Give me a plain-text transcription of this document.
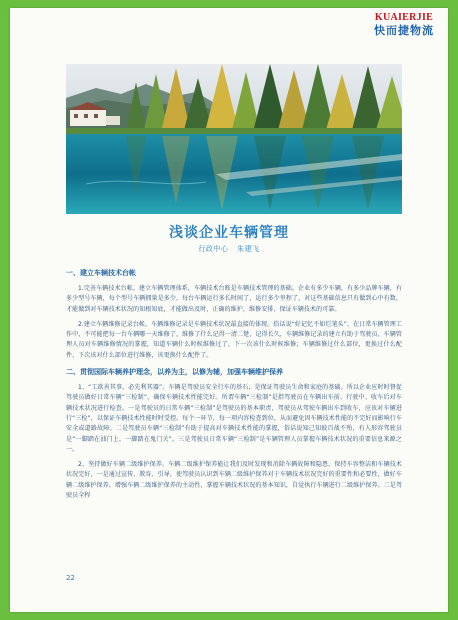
KUAIERJIE
快而捷物流
浅谈企业车辆管理
行政中心 朱建飞
一、建立车辆技术台帐

1.完善车辆技术台帐。建立车辆管理体系，车辆技术台账是车辆技术管理的基础。企业有多少车辆，有多少品牌车辆，有多少型号车辆，每个型号车辆拥量是多少，每台车辆运行多长时间了，运行多少里程了，对这些基础信息只有做到心中有数，才能做到对车辆技术状况的知根知底，才能做出及时，正确的维护，维修安排，保证车辆技术的可靠。

2.建立车辆维修记录台帐。车辆维修记录是车辆技术状况最直接的体现。俗话说“好记忆不如烂笔头”，在日常车辆管理工作中，不可能把每一台车辆哪一天维修了，维修了什么记得一清二楚，记得长久，车辆维修记录的建立有助于驾驶员、车辆管理人员对车辆维修情况的掌握，知道车辆什么时候维修过了，下一次该什么时候维修；车辆维修过什么部位，更换过什么配件，下次该对什么部位进行维修，该更换什么配件了。

二、贯彻国际车辆养护理念，以养为主，以修为辅，加强车辆维护保养

1、“工欲善其事，必先利其器”。车辆是驾驶员安全行车的基石，是保证驾驶员生命和家庭的基础。所以企业应时时督促驾驶员做好日常车辆“三检制”，确保车辆技术性能完好。所谓车辆“三检制”是指驾驶员在车辆出车前、行驶中、收车后对车辆技术状况进行检查。一是驾驶员的日常车辆“三检制”是驾驶员的基本职责，驾驶员从驾驶车辆出车到收车，应该对车辆进行“三检”，以保证车辆技术性能时时受控。每个一环节，每一项内容检查到位，从而避免因车辆技术性能的不完好而影响行车安全或道路故障。二是驾驶员车辆“三检制”有助于提高对车辆技术性能的掌握，俗话说知己知彼百战不殆，有人形容驾驶员是“一脚踏在油门上，一脚踏在鬼门关”。三是驾驶员日常车辆“三检制”是车辆管理人员掌握车辆技术状况的重要信息来源之一。

2、坚持做好车辆二级维护保养。车辆二级维护保养能让我们及时发现和消除车辆故障和隐患，保持车容整洁和车辆技术状况完好，一是通过宣传、教育、引导，使驾驶员认识到车辆二级维护保养对于车辆技术状况完好的重要性和必要性，做好车辆二级维护保养。增强车辆二级维护保养的主动性，掌握车辆技术状况的基本知识，自觉执行车辆进行二级维护保养。二是驾驶员全程

22
